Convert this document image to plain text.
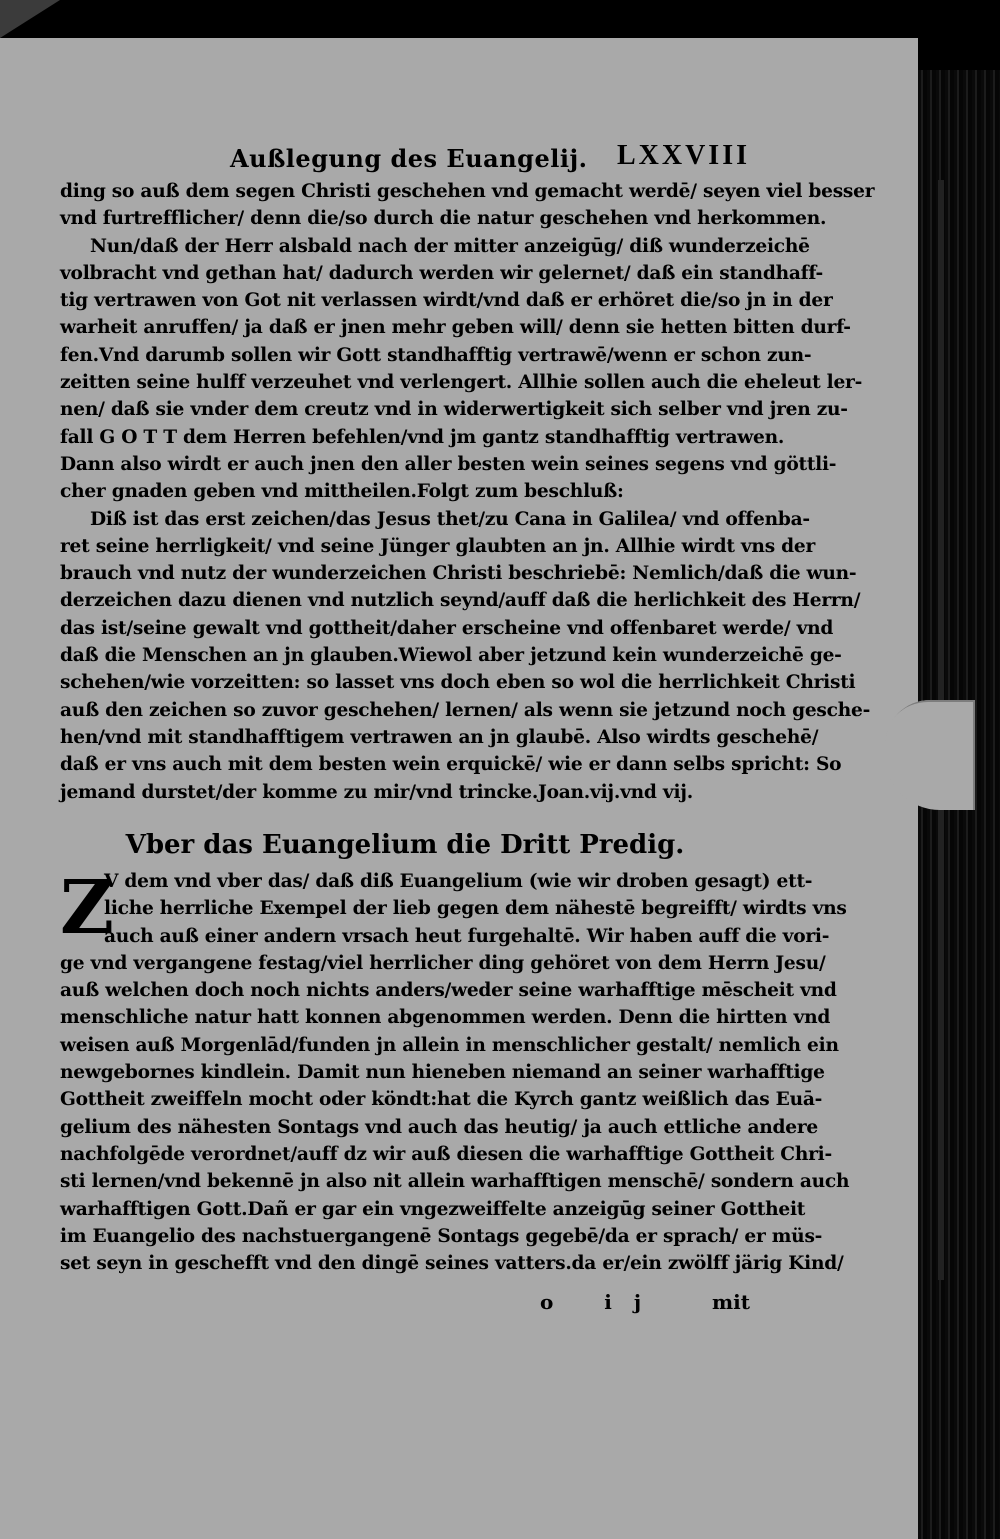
Außlegung des Euangelij. LXXVIII
ding so auß dem segen Christi geschehen vnd gemacht werdē/ seyen viel besser
vnd furtrefflicher/ denn die/so durch die natur geschehen vnd herkommen.
Nun/daß der Herr alsbald nach der mitter anzeigūg/ diß wunderzeichē
volbracht vnd gethan hat/ dadurch werden wir gelernet/ daß ein standhaff-
tig vertrawen von Got nit verlassen wirdt/vnd daß er erhöret die/so jn in der
warheit anruffen/ ja daß er jnen mehr geben will/ denn sie hetten bitten durf-
fen.Vnd darumb sollen wir Gott standhafftig vertrawē/wenn er schon zun-
zeitten seine hulff verzeuhet vnd verlengert. Allhie sollen auch die eheleut ler-
nen/ daß sie vnder dem creutz vnd in widerwertigkeit sich selber vnd jren zu-
fall G O T T dem Herren befehlen/vnd jm gantz standhafftig vertrawen.
Dann also wirdt er auch jnen den aller besten wein seines segens vnd göttli-
cher gnaden geben vnd mittheilen.Folgt zum beschluß:
Diß ist das erst zeichen/das Jesus thet/zu Cana in Galilea/ vnd offenba-
ret seine herrligkeit/ vnd seine Jünger glaubten an jn. Allhie wirdt vns der
brauch vnd nutz der wunderzeichen Christi beschriebē: Nemlich/daß die wun-
derzeichen dazu dienen vnd nutzlich seynd/auff daß die herlichkeit des Herrn/
das ist/seine gewalt vnd gottheit/daher erscheine vnd offenbaret werde/ vnd
daß die Menschen an jn glauben.Wiewol aber jetzund kein wunderzeichē ge-
schehen/wie vorzeitten: so lasset vns doch eben so wol die herrlichkeit Christi
auß den zeichen so zuvor geschehen/ lernen/ als wenn sie jetzund noch gesche-
hen/vnd mit standhafftigem vertrawen an jn glaubē. Also wirdts geschehē/
daß er vns auch mit dem besten wein erquickē/ wie er dann selbs spricht: So
jemand durstet/der komme zu mir/vnd trincke.Joan.vij.vnd vij.
Vber das Euangelium die Dritt Predig.
Z
V dem vnd vber das/ daß diß Euangelium (wie wir droben gesagt) ett-
liche herrliche Exempel der lieb gegen dem nähestē begreifft/ wirdts vns
auch auß einer andern vrsach heut furgehaltē. Wir haben auff die vori-
ge vnd vergangene festag/viel herrlicher ding gehöret von dem Herrn Jesu/
auß welchen doch noch nichts anders/weder seine warhafftige mēscheit vnd
menschliche natur hatt konnen abgenommen werden. Denn die hirtten vnd
weisen auß Morgenlād/funden jn allein in menschlicher gestalt/ nemlich ein
newgebornes kindlein. Damit nun hieneben niemand an seiner warhafftige
Gottheit zweiffeln mocht oder köndt:hat die Kyrch gantz weißlich das Euā-
gelium des nähesten Sontags vnd auch das heutig/ ja auch ettliche andere
nachfolgēde verordnet/auff dz wir auß diesen die warhafftige Gottheit Chri-
sti lernen/vnd bekennē jn also nit allein warhafftigen menschē/ sondern auch
warhafftigen Gott.Dañ er gar ein vngezweiffelte anzeigūg seiner Gottheit
im Euangelio des nachstuergangenē Sontags gegebē/da er sprach/ er müs-
set seyn in geschefft vnd den dingē seines vatters.da er/ein zwölff järig Kind/
o ij mit
